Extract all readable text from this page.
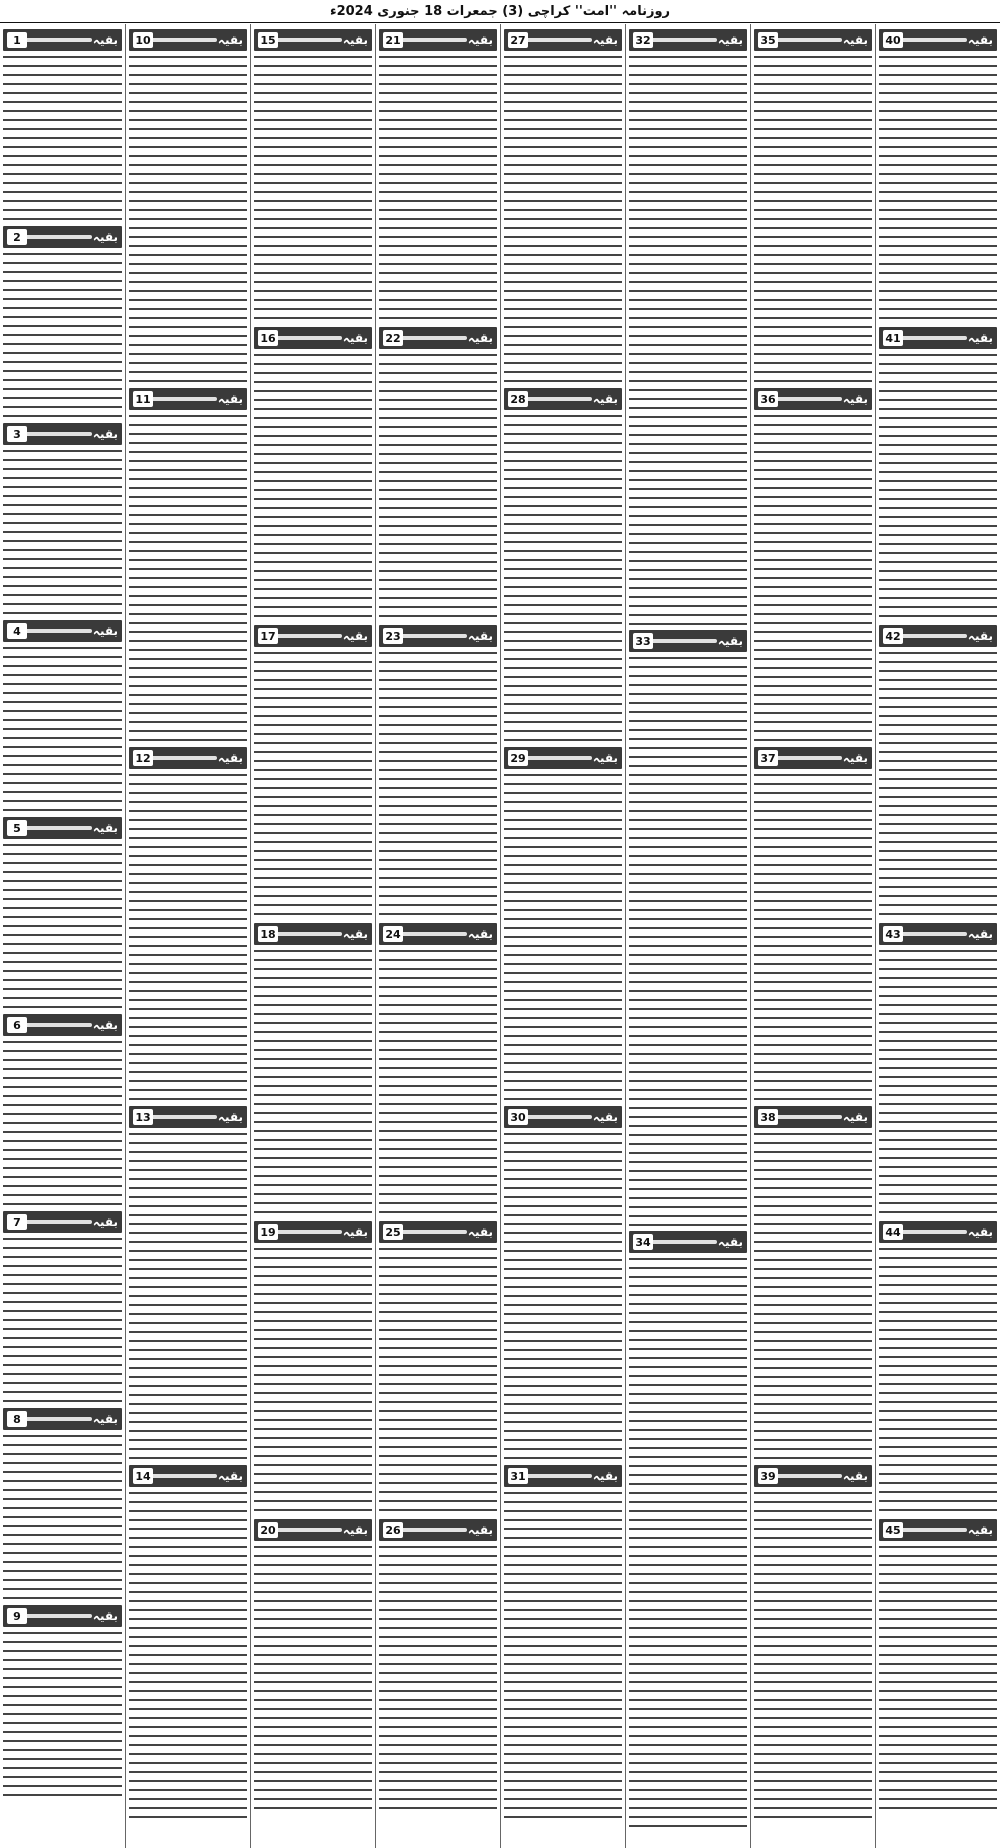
روزنامہ ''امت'' کراچی (3) جمعرات 18 جنوری 2024ء
40	بقیہ
41	بقیہ
42	بقیہ
43	بقیہ
44	بقیہ
45	بقیہ
35	بقیہ
36	بقیہ
37	بقیہ
38	بقیہ
39	بقیہ
32	بقیہ
33	بقیہ
34	بقیہ
27	بقیہ
28	بقیہ
29	بقیہ
30	بقیہ
31	بقیہ
21	بقیہ
22	بقیہ
23	بقیہ
24	بقیہ
25	بقیہ
26	بقیہ
15	بقیہ
16	بقیہ
17	بقیہ
18	بقیہ
19	بقیہ
20	بقیہ
10	بقیہ
11	بقیہ
12	بقیہ
13	بقیہ
14	بقیہ
1	بقیہ
2	بقیہ
3	بقیہ
4	بقیہ
5	بقیہ
6	بقیہ
7	بقیہ
8	بقیہ
9	بقیہ
